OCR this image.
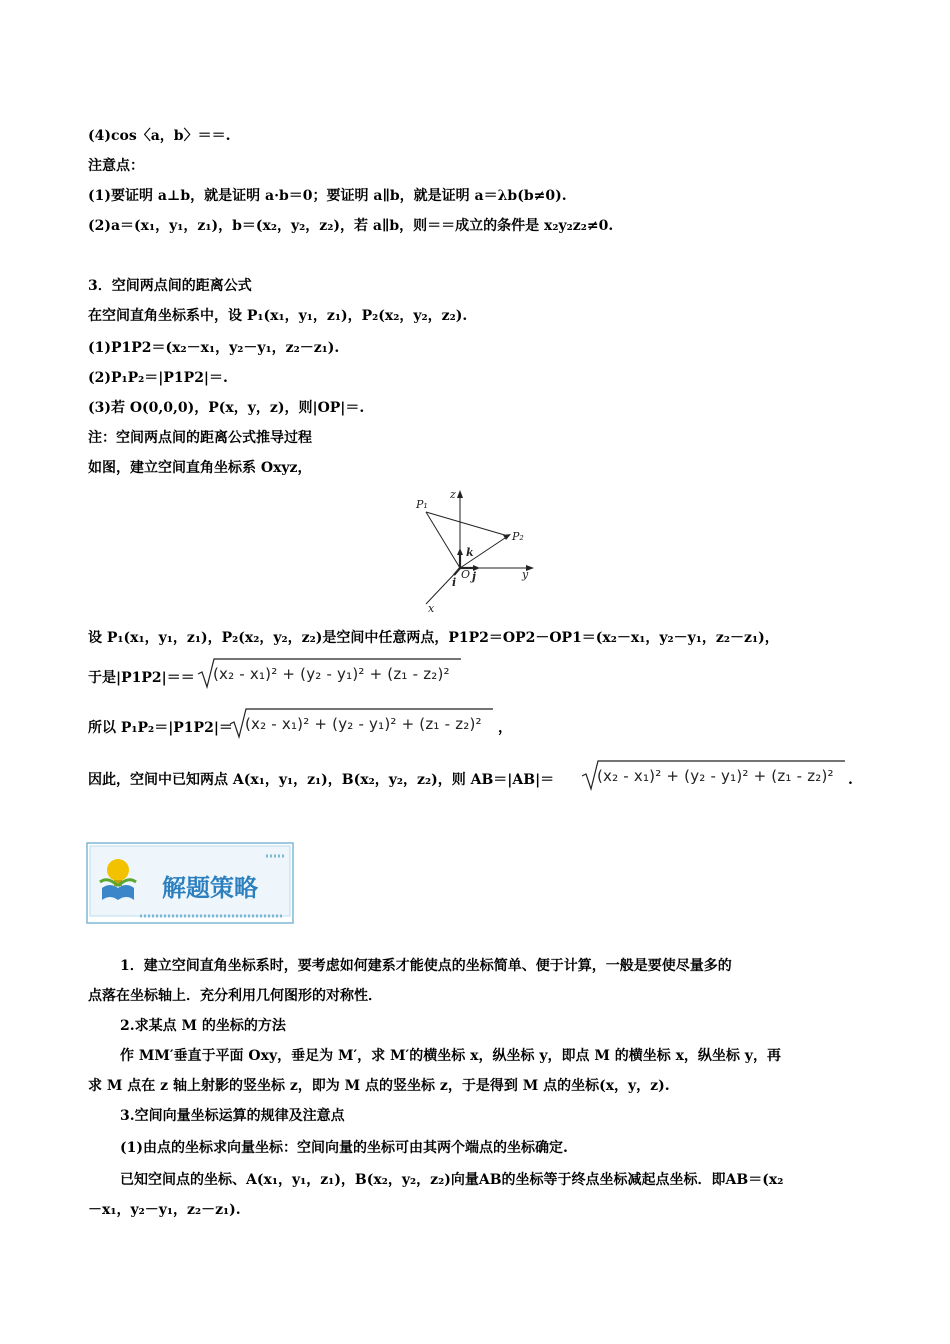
(4)cos〈a，b〉＝＝.
注意点：
(1)要证明 a⊥b，就是证明 a·b＝0；要证明 a∥b，就是证明 a＝λb(b≠0).
(2)a＝(x₁，y₁，z₁)，b＝(x₂，y₂，z₂)，若 a∥b，则＝＝成立的条件是 x₂y₂z₂≠0.
3．空间两点间的距离公式
在空间直角坐标系中，设 P₁(x₁，y₁，z₁)，P₂(x₂，y₂，z₂).
(1)P1P2＝(x₂－x₁，y₂－y₁，z₂－z₁).
(2)P₁P₂＝|P1P2|＝.
(3)若 O(0,0,0)，P(x，y，z)，则|OP|＝.
注：空间两点间的距离公式推导过程
如图，建立空间直角坐标系 Oxyz，
P₁
P₂
z
y
x
O
i j
k
设 P₁(x₁，y₁，z₁)，P₂(x₂，y₂，z₂)是空间中任意两点，P1P2＝OP2－OP1＝(x₂－x₁，y₂－y₁，z₂－z₁)，
于是|P1P2|＝＝ (x₂ - x₁)² + (y₂ - y₁)² + (z₁ - z₂)²
所以 P₁P₂＝|P1P2|＝ (x₂ - x₁)² + (y₂ - y₁)² + (z₁ - z₂)² ，
因此，空间中已知两点 A(x₁，y₁，z₁)，B(x₂，y₂，z₂)，则 AB＝|AB|＝	(x₂ - x₁)² + (y₂ - y₁)² + (z₁ - z₂)² .
解题策略
1．建立空间直角坐标系时，要考虑如何建系才能使点的坐标简单、便于计算，一般是要使尽量多的
点落在坐标轴上．充分利用几何图形的对称性．
2.求某点 M 的坐标的方法
作 MM′垂直于平面 Oxy，垂足为 M′，求 M′的横坐标 x，纵坐标 y，即点 M 的横坐标 x，纵坐标 y，再
求 M 点在 z 轴上射影的竖坐标 z，即为 M 点的竖坐标 z，于是得到 M 点的坐标(x，y，z).
3.空间向量坐标运算的规律及注意点
(1)由点的坐标求向量坐标：空间向量的坐标可由其两个端点的坐标确定.
已知空间点的坐标、A(x₁，y₁，z₁)，B(x₂，y₂，z₂)向量AB的坐标等于终点坐标减起点坐标．即AB＝(x₂
－x₁，y₂－y₁，z₂－z₁).
